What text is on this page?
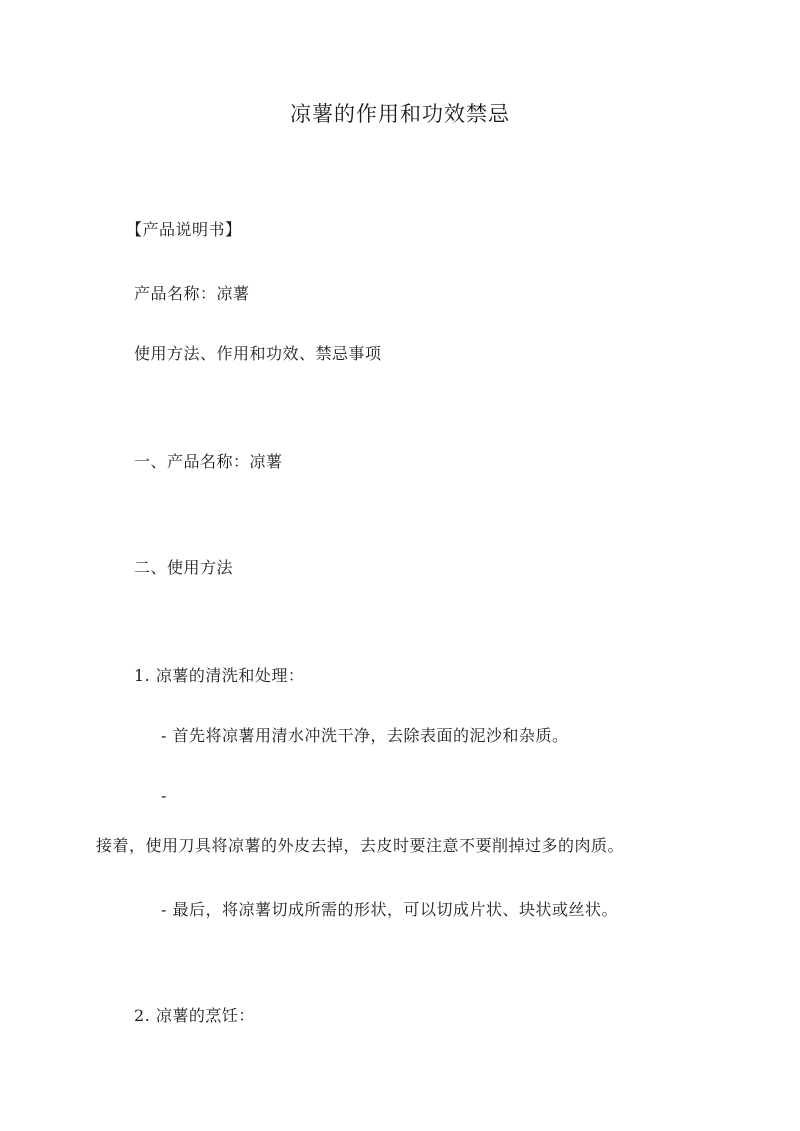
凉薯的作用和功效禁忌
【产品说明书】
产品名称：凉薯
使用方法、作用和功效、禁忌事项
一、产品名称：凉薯
二、使用方法
1. 凉薯的清洗和处理：
- 首先将凉薯用清水冲洗干净，去除表面的泥沙和杂质。
-
接着，使用刀具将凉薯的外皮去掉，去皮时要注意不要削掉过多的肉质。
- 最后，将凉薯切成所需的形状，可以切成片状、块状或丝状。
2. 凉薯的烹饪：
